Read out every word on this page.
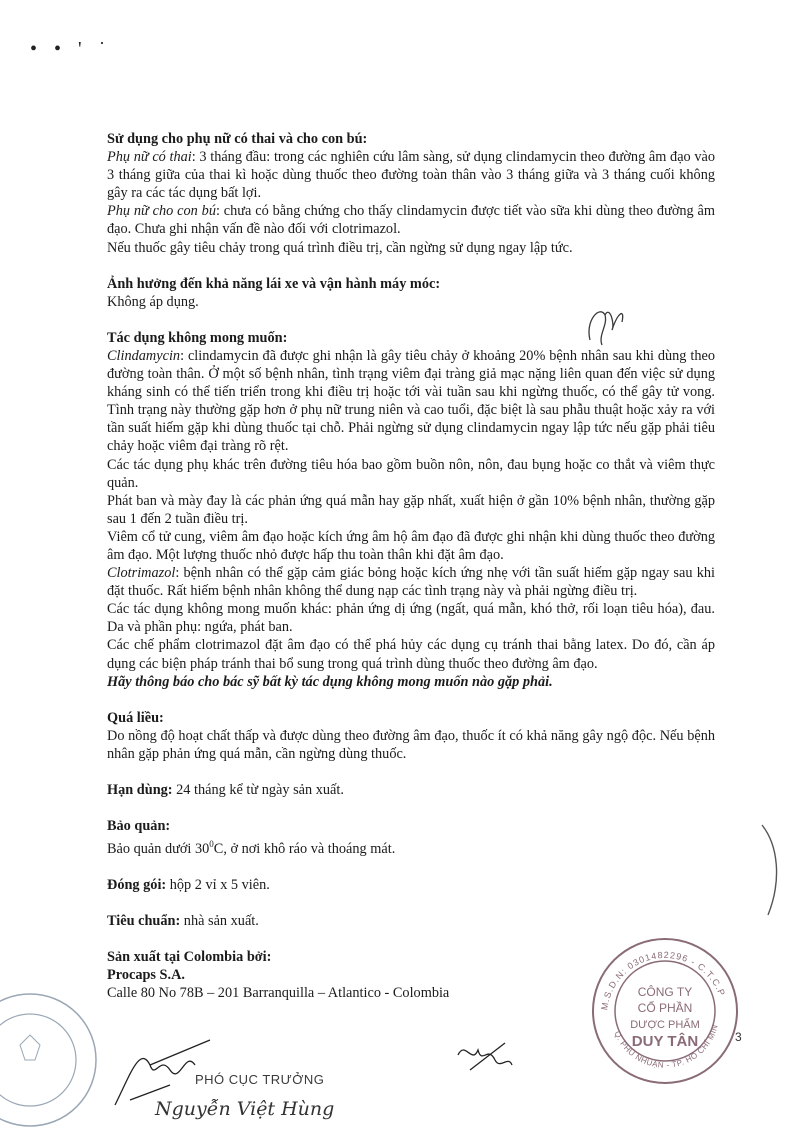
• • ' ˙

Sử dụng cho phụ nữ có thai và cho con bú:

Phụ nữ có thai: 3 tháng đầu: trong các nghiên cứu lâm sàng, sử dụng clindamycin theo đường âm đạo vào 3 tháng giữa của thai kì hoặc dùng thuốc theo đường toàn thân vào 3 tháng giữa và 3 tháng cuối không gây ra các tác dụng bất lợi.

Phụ nữ cho con bú: chưa có bằng chứng cho thấy clindamycin được tiết vào sữa khi dùng theo đường âm đạo. Chưa ghi nhận vấn đề nào đối với clotrimazol.

Nếu thuốc gây tiêu chảy trong quá trình điều trị, cần ngừng sử dụng ngay lập tức.

Ảnh hưởng đến khả năng lái xe và vận hành máy móc:

Không áp dụng.

Tác dụng không mong muốn:

Clindamycin: clindamycin đã được ghi nhận là gây tiêu chảy ở khoảng 20% bệnh nhân sau khi dùng theo đường toàn thân. Ở một số bệnh nhân, tình trạng viêm đại tràng giả mạc nặng liên quan đến việc sử dụng kháng sinh có thể tiến triển trong khi điều trị hoặc tới vài tuần sau khi ngừng thuốc, có thể gây tử vong. Tình trạng này thường gặp hơn ở phụ nữ trung niên và cao tuổi, đặc biệt là sau phẫu thuật hoặc xảy ra với tần suất hiếm gặp khi dùng thuốc tại chỗ. Phải ngừng sử dụng clindamycin ngay lập tức nếu gặp phải tiêu chảy hoặc viêm đại tràng rõ rệt.

Các tác dụng phụ khác trên đường tiêu hóa bao gồm buồn nôn, nôn, đau bụng hoặc co thắt và viêm thực quản.

Phát ban và mày đay là các phản ứng quá mẫn hay gặp nhất, xuất hiện ở gần 10% bệnh nhân, thường gặp sau 1 đến 2 tuần điều trị.

Viêm cổ tử cung, viêm âm đạo hoặc kích ứng âm hộ âm đạo đã được ghi nhận khi dùng thuốc theo đường âm đạo. Một lượng thuốc nhỏ được hấp thu toàn thân khi đặt âm đạo.

Clotrimazol: bệnh nhân có thể gặp cảm giác bỏng hoặc kích ứng nhẹ với tần suất hiếm gặp ngay sau khi đặt thuốc. Rất hiếm bệnh nhân không thể dung nạp các tình trạng này và phải ngừng điều trị.

Các tác dụng không mong muốn khác: phản ứng dị ứng (ngất, quá mẫn, khó thở, rối loạn tiêu hóa), đau. Da và phần phụ: ngứa, phát ban.

Các chế phẩm clotrimazol đặt âm đạo có thể phá hủy các dụng cụ tránh thai bằng latex. Do đó, cần áp dụng các biện pháp tránh thai bổ sung trong quá trình dùng thuốc theo đường âm đạo.

Hãy thông báo cho bác sỹ bất kỳ tác dụng không mong muốn nào gặp phải.

Quá liều:

Do nồng độ hoạt chất thấp và được dùng theo đường âm đạo, thuốc ít có khả năng gây ngộ độc. Nếu bệnh nhân gặp phản ứng quá mẫn, cần ngừng dùng thuốc.

Hạn dùng: 24 tháng kể từ ngày sản xuất.

Bảo quản:

Bảo quản dưới $30^0C$, ở nơi khô ráo và thoáng mát.

Đóng gói: hộp 2 vỉ x 5 viên.

Tiêu chuẩn: nhà sản xuất.

Sản xuất tại Colombia bởi:

Procaps S.A.

Calle 80 No 78B – 201 Barranquilla – Atlantico - Colombia

M.S.D.N: 0301482296 - C.T.C.P
Q. PHÚ NHUẬN - TP. HỒ CHÍ MINH
CÔNG TY
CỔ PHẦN
DƯỢC PHẨM
DUY TÂN	3
PHÓ CỤC TRƯỞNG
Nguyễn Việt Hùng
